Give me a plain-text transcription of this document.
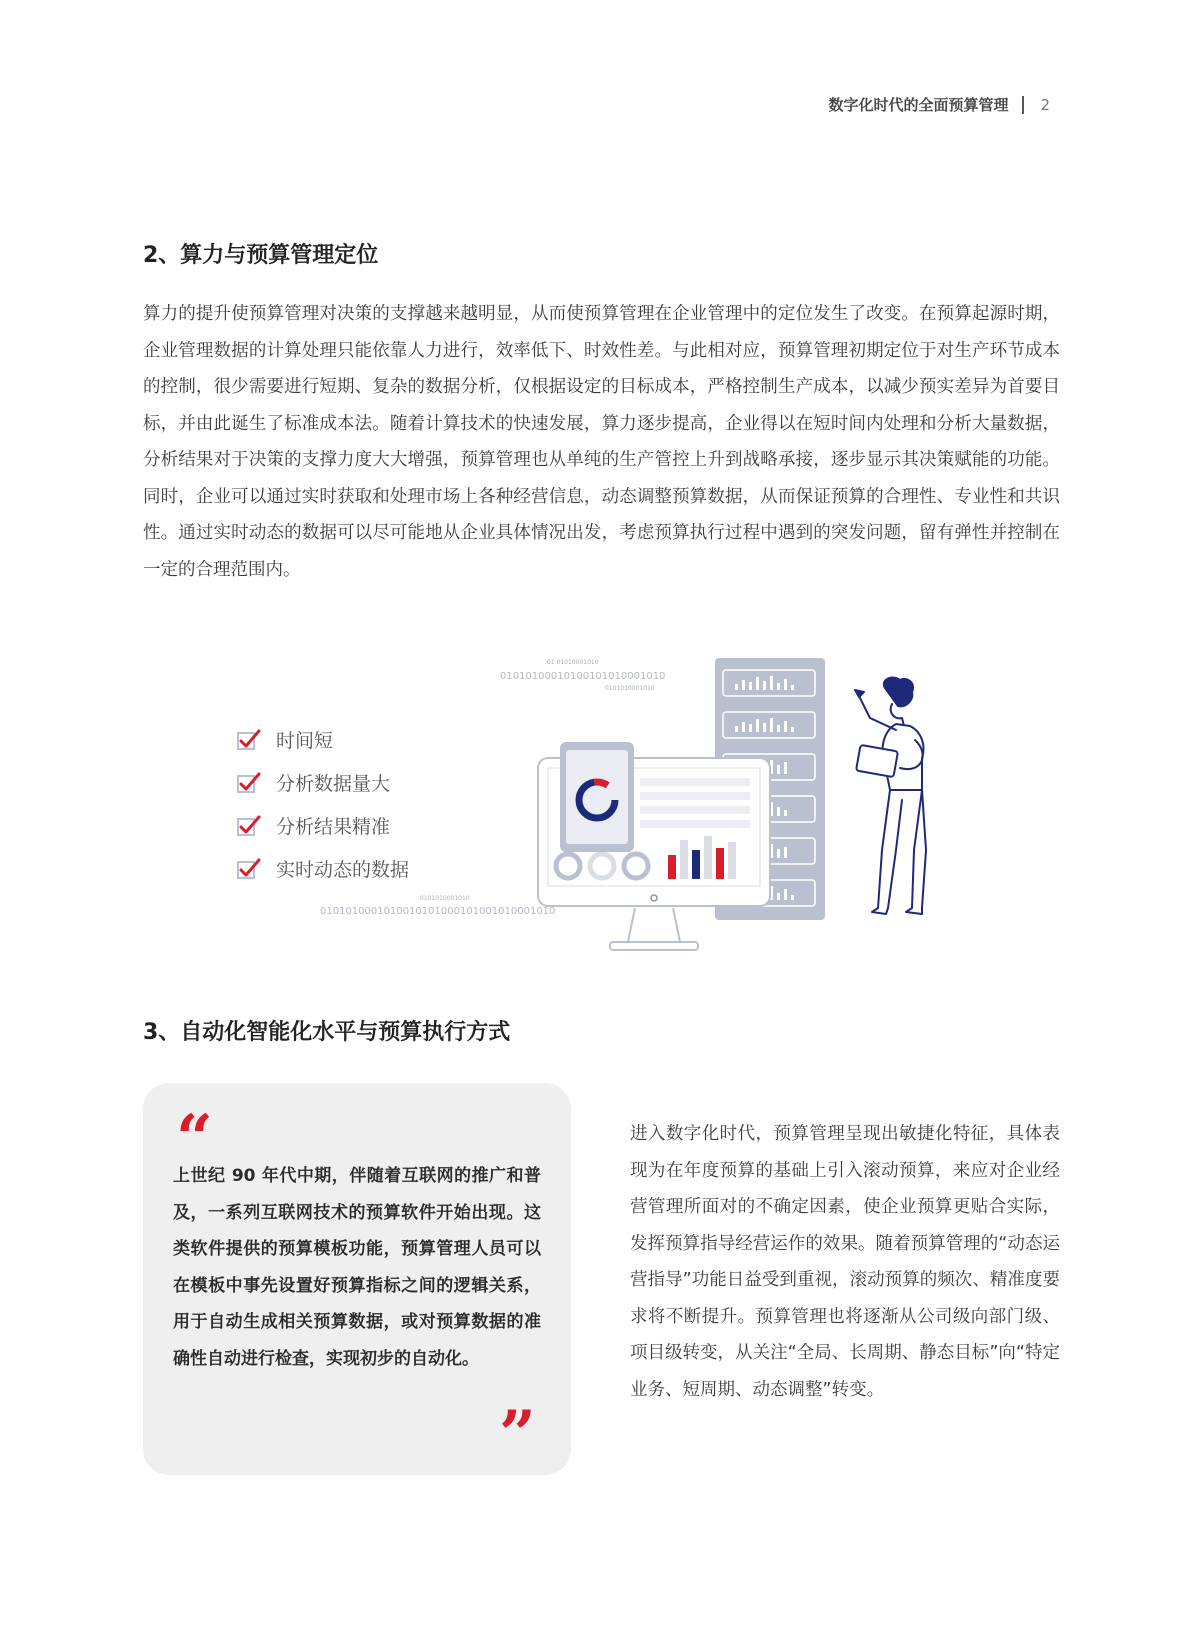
数字化时代的全面预算管理 2
2、算力与预算管理定位

算力的提升使预算管理对决策的支撑越来越明显，从而使预算管理在企业管理中的定位发生了改变。在预算起源时期，企业管理数据的计算处理只能依靠人力进行，效率低下、时效性差。与此相对应，预算管理初期定位于对生产环节成本的控制，很少需要进行短期、复杂的数据分析，仅根据设定的目标成本，严格控制生产成本，以减少预实差异为首要目标，并由此诞生了标准成本法。随着计算技术的快速发展，算力逐步提高，企业得以在短时间内处理和分析大量数据，分析结果对于决策的支撑力度大大增强，预算管理也从单纯的生产管控上升到战略承接，逐步显示其决策赋能的功能。同时，企业可以通过实时获取和处理市场上各种经营信息，动态调整预算数据，从而保证预算的合理性、专业性和共识性。通过实时动态的数据可以尽可能地从企业具体情况出发，考虑预算执行过程中遇到的突发问题，留有弹性并控制在一定的合理范围内。

时间短
分析数据量大
分析结果精准
实时动态的数据
01 01010001010
01010100010100101010001010
0101010001010
0101010001010
0101010001010010101000101001010001010
3、自动化智能化水平与预算执行方式
“

上世纪 90 年代中期，伴随着互联网的推广和普及，一系列互联网技术的预算软件开始出现。这类软件提供的预算模板功能，预算管理人员可以在模板中事先设置好预算指标之间的逻辑关系，用于自动生成相关预算数据，或对预算数据的准确性自动进行检查，实现初步的自动化。

”

进入数字化时代，预算管理呈现出敏捷化特征，具体表现为在年度预算的基础上引入滚动预算，来应对企业经营管理所面对的不确定因素，使企业预算更贴合实际，发挥预算指导经营运作的效果。随着预算管理的“动态运营指导”功能日益受到重视，滚动预算的频次、精准度要求将不断提升。预算管理也将逐渐从公司级向部门级、项目级转变，从关注“全局、长周期、静态目标”向“特定业务、短周期、动态调整”转变。
